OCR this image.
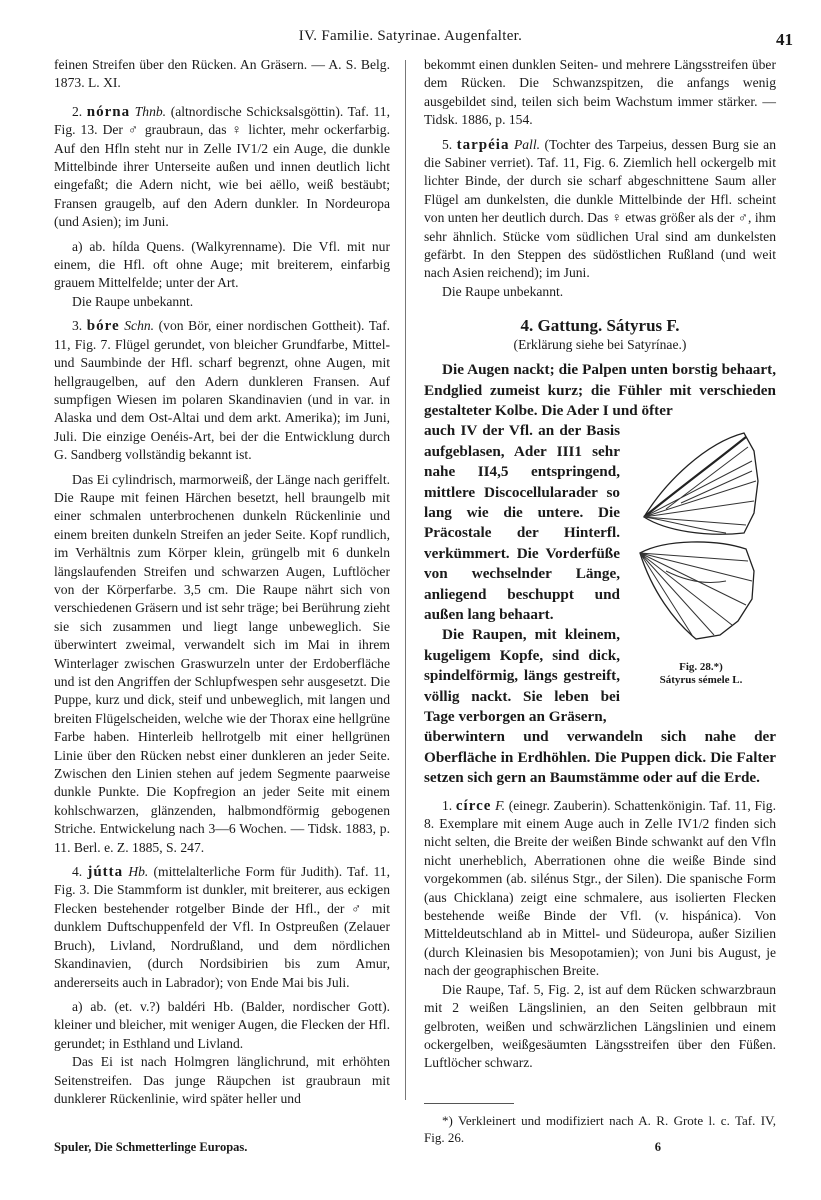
IV. Familie. Satyrinae. Augenfalter.	41

feinen Streifen über den Rücken. An Gräsern. — A. S. Belg. 1873. L. XI.

2. nórna Thnb. (altnordische Schicksalsgöttin). Taf. 11, Fig. 13. Der ♂ graubraun, das ♀ lichter, mehr ockerfarbig. Auf den Hfln steht nur in Zelle IV1/2 ein Auge, die dunkle Mittelbinde ihrer Unterseite außen und innen deutlich licht eingefaßt; die Adern nicht, wie bei aëllo, weiß bestäubt; Fransen graugelb, auf den Adern dunkler. In Nordeuropa (und Asien); im Juni.

a) ab. hílda Quens. (Walkyrenname). Die Vfl. mit nur einem, die Hfl. oft ohne Auge; mit breiterem, einfarbig grauem Mittelfelde; unter der Art.

Die Raupe unbekannt.

3. bóre Schn. (von Bör, einer nordischen Gottheit). Taf. 11, Fig. 7. Flügel gerundet, von bleicher Grundfarbe, Mittel- und Saumbinde der Hfl. scharf begrenzt, ohne Augen, mit hellgraugelben, auf den Adern dunkleren Fransen. Auf sumpfigen Wiesen im polaren Skandinavien (und in var. in Alaska und dem Ost-Altai und dem arkt. Amerika); im Juni, Juli. Die einzige Oenéis-Art, bei der die Entwicklung durch G. Sandberg vollständig bekannt ist.

Das Ei cylindrisch, marmorweiß, der Länge nach geriffelt. Die Raupe mit feinen Härchen besetzt, hell braungelb mit einer schmalen unterbrochenen dunkeln Rückenlinie und einem breiten dunkeln Streifen an jeder Seite. Kopf rundlich, im Verhältnis zum Körper klein, grüngelb mit 6 dunkeln längslaufenden Streifen und schwarzen Augen, Luftlöcher von der Körperfarbe. 3,5 cm. Die Raupe nährt sich von verschiedenen Gräsern und ist sehr träge; bei Berührung zieht sie sich zusammen und liegt lange unbeweglich. Sie überwintert zweimal, verwandelt sich im Mai in ihrem Winterlager zwischen Graswurzeln unter der Erdoberfläche und ist den Angriffen der Schlupfwespen sehr ausgesetzt. Die Puppe, kurz und dick, steif und unbeweglich, mit langen und breiten Flügelscheiden, welche wie der Thorax eine hellgrüne Farbe haben. Hinterleib hellrotgelb mit einer hellgrünen Linie über den Rücken nebst einer dunkleren an jeder Seite. Zwischen den Linien stehen auf jedem Segmente paarweise dunkle Punkte. Die Kopfregion an jeder Seite mit einem kohlschwarzen, glänzenden, halbmondförmig gebogenen Striche. Entwickelung nach 3—6 Wochen. — Tidsk. 1883, p. 11. Berl. e. Z. 1885, S. 247.

4. jútta Hb. (mittelalterliche Form für Judith). Taf. 11, Fig. 3. Die Stammform ist dunkler, mit breiterer, aus eckigen Flecken bestehender rotgelber Binde der Hfl., der ♂ mit dunklem Duftschuppenfeld der Vfl. In Ostpreußen (Zelauer Bruch), Livland, Nordrußland, und dem nördlichen Skandinavien, (durch Nordsibirien bis zum Amur, andererseits auch in Labrador); von Ende Mai bis Juli.

a) ab. (et. v.?) baldéri Hb. (Balder, nordischer Gott). kleiner und bleicher, mit weniger Augen, die Flecken der Hfl. gerundet; in Esthland und Livland.

Das Ei ist nach Holmgren länglichrund, mit erhöhten Seitenstreifen. Das junge Räupchen ist graubraun mit dunklerer Rückenlinie, wird später heller und

bekommt einen dunklen Seiten- und mehrere Längsstreifen über dem Rücken. Die Schwanzspitzen, die anfangs wenig ausgebildet sind, teilen sich beim Wachstum immer stärker. — Tidsk. 1886, p. 154.

5. tarpéia Pall. (Tochter des Tarpeius, dessen Burg sie an die Sabiner verriet). Taf. 11, Fig. 6. Ziemlich hell ockergelb mit lichter Binde, der durch sie scharf abgeschnittene Saum aller Flügel am dunkelsten, die dunkle Mittelbinde der Hfl. scheint von unten her deutlich durch. Das ♀ etwas größer als der ♂, ihm sehr ähnlich. Stücke vom südlichen Ural sind am dunkelsten gefärbt. In den Steppen des südöstlichen Rußland (und weit nach Asien reichend); im Juni.

Die Raupe unbekannt.

4. Gattung. Sátyrus F.
(Erklärung siehe bei Satyrínae.)

Die Augen nackt; die Palpen unten borstig behaart, Endglied zumeist kurz; die Fühler mit verschieden gestalteter Kolbe. Die Ader I und öfter

auch IV der Vfl. an der Basis aufgeblasen, Ader III1 sehr nahe II4,5 entspringend, mittlere Discocellularader so lang wie die untere. Die Präcostale der Hinterfl. verkümmert. Die Vorderfüße von wechselnder Länge, anliegend beschuppt und außen lang behaart.

Die Raupen, mit kleinem, kugeligem Kopfe, sind dick, spindelförmig, längs gestreift, völlig nackt. Sie leben bei Tage verborgen an Gräsern,

Fig. 28.*)
Sátyrus sémele L.

überwintern und verwandeln sich nahe der Oberfläche in Erdhöhlen. Die Puppen dick. Die Falter setzen sich gern an Baumstämme oder auf die Erde.

1. círce F. (einegr. Zauberin). Schattenkönigin. Taf. 11, Fig. 8. Exemplare mit einem Auge auch in Zelle IV1/2 finden sich nicht selten, die Breite der weißen Binde schwankt auf den Vfln nicht unerheblich, Aberrationen ohne die weiße Binde sind vorgekommen (ab. silénus Stgr., der Silen). Die spanische Form (aus Chicklana) zeigt eine schmalere, aus isolierten Flecken bestehende weiße Binde der Vfl. (v. hispánica). Von Mitteldeutschland ab in Mittel- und Südeuropa, außer Sizilien (durch Kleinasien bis Mesopotamien); von Juni bis August, je nach der geographischen Breite.

Die Raupe, Taf. 5, Fig. 2, ist auf dem Rücken schwarzbraun mit 2 weißen Längslinien, an den Seiten gelbbraun mit gelbroten, weißen und schwärzlichen Längslinien und einem ockergelben, weißgesäumten Längsstreifen über den Füßen. Luftlöcher schwarz.

*) Verkleinert und modifiziert nach A. R. Grote l. c. Taf. IV, Fig. 26.

Spuler, Die Schmetterlinge Europas.	6
